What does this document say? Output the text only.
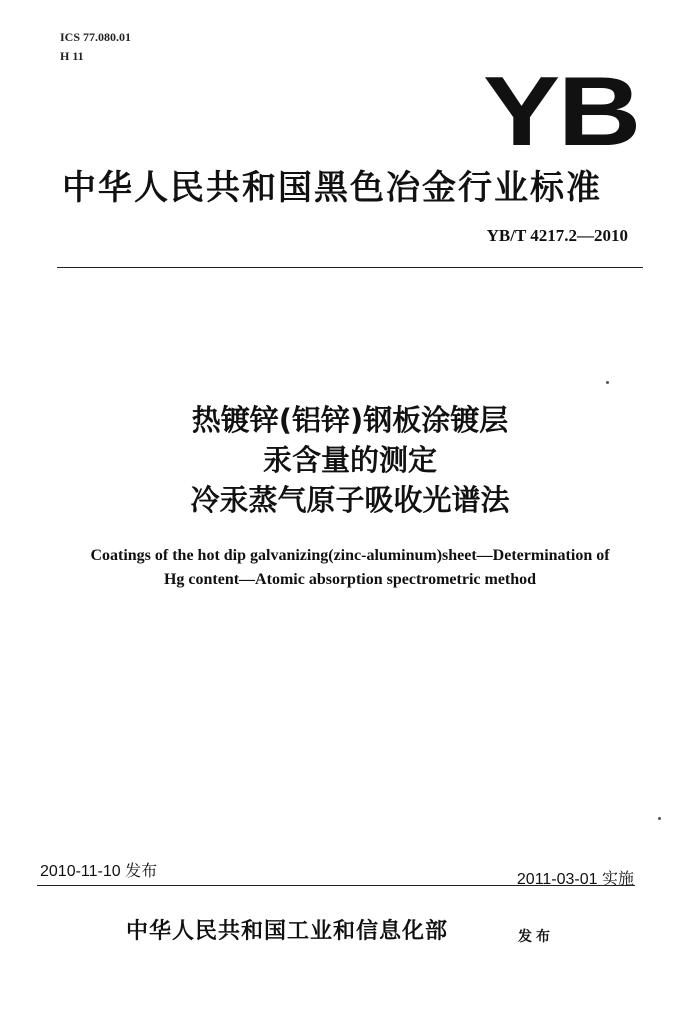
ICS 77.080.01
H 11	YB
中华人民共和国黑色冶金行业标准
YB/T 4217.2—2010
热镀锌(铝锌)钢板涂镀层
汞含量的测定
冷汞蒸气原子吸收光谱法
Coatings of the hot dip galvanizing(zinc-aluminum)sheet—Determination of
Hg content—Atomic absorption spectrometric method
2010-11-10 发布	2011-03-01 实施
中华人民共和国工业和信息化部	发布
